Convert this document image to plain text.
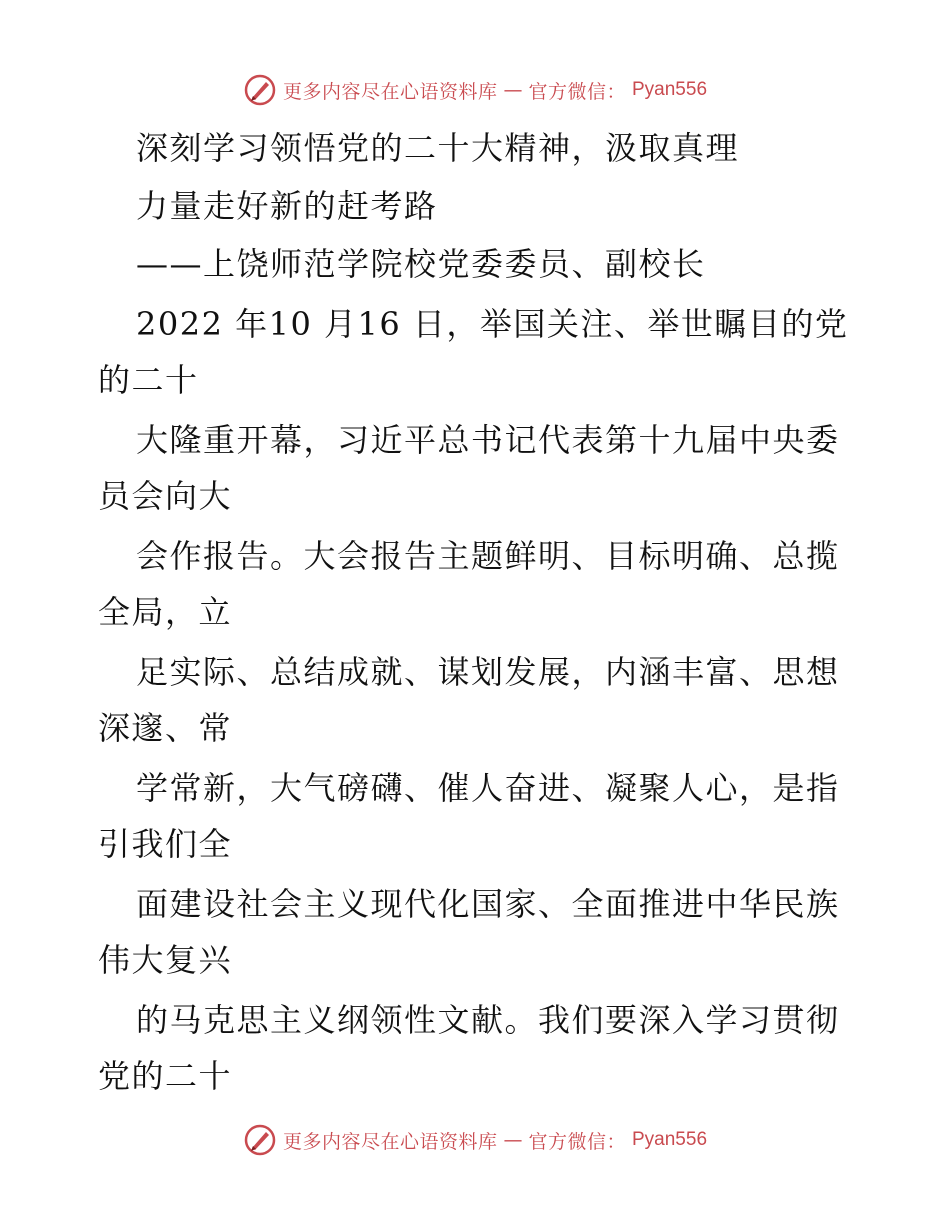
更多内容尽在心语资料库 — 官方微信： Pyan556
深刻学习领悟党的二十大精神，汲取真理
力量走好新的赶考路
——上饶师范学院校党委委员、副校长
2022 年10 月16 日，举国关注、举世瞩目的党
的二十
大隆重开幕，习近平总书记代表第十九届中央委
员会向大
会作报告。大会报告主题鲜明、目标明确、总揽
全局，立
足实际、总结成就、谋划发展，内涵丰富、思想
深邃、常
学常新，大气磅礴、催人奋进、凝聚人心，是指
引我们全
面建设社会主义现代化国家、全面推进中华民族
伟大复兴
的马克思主义纲领性文献。我们要深入学习贯彻
党的二十
更多内容尽在心语资料库 — 官方微信： Pyan556
